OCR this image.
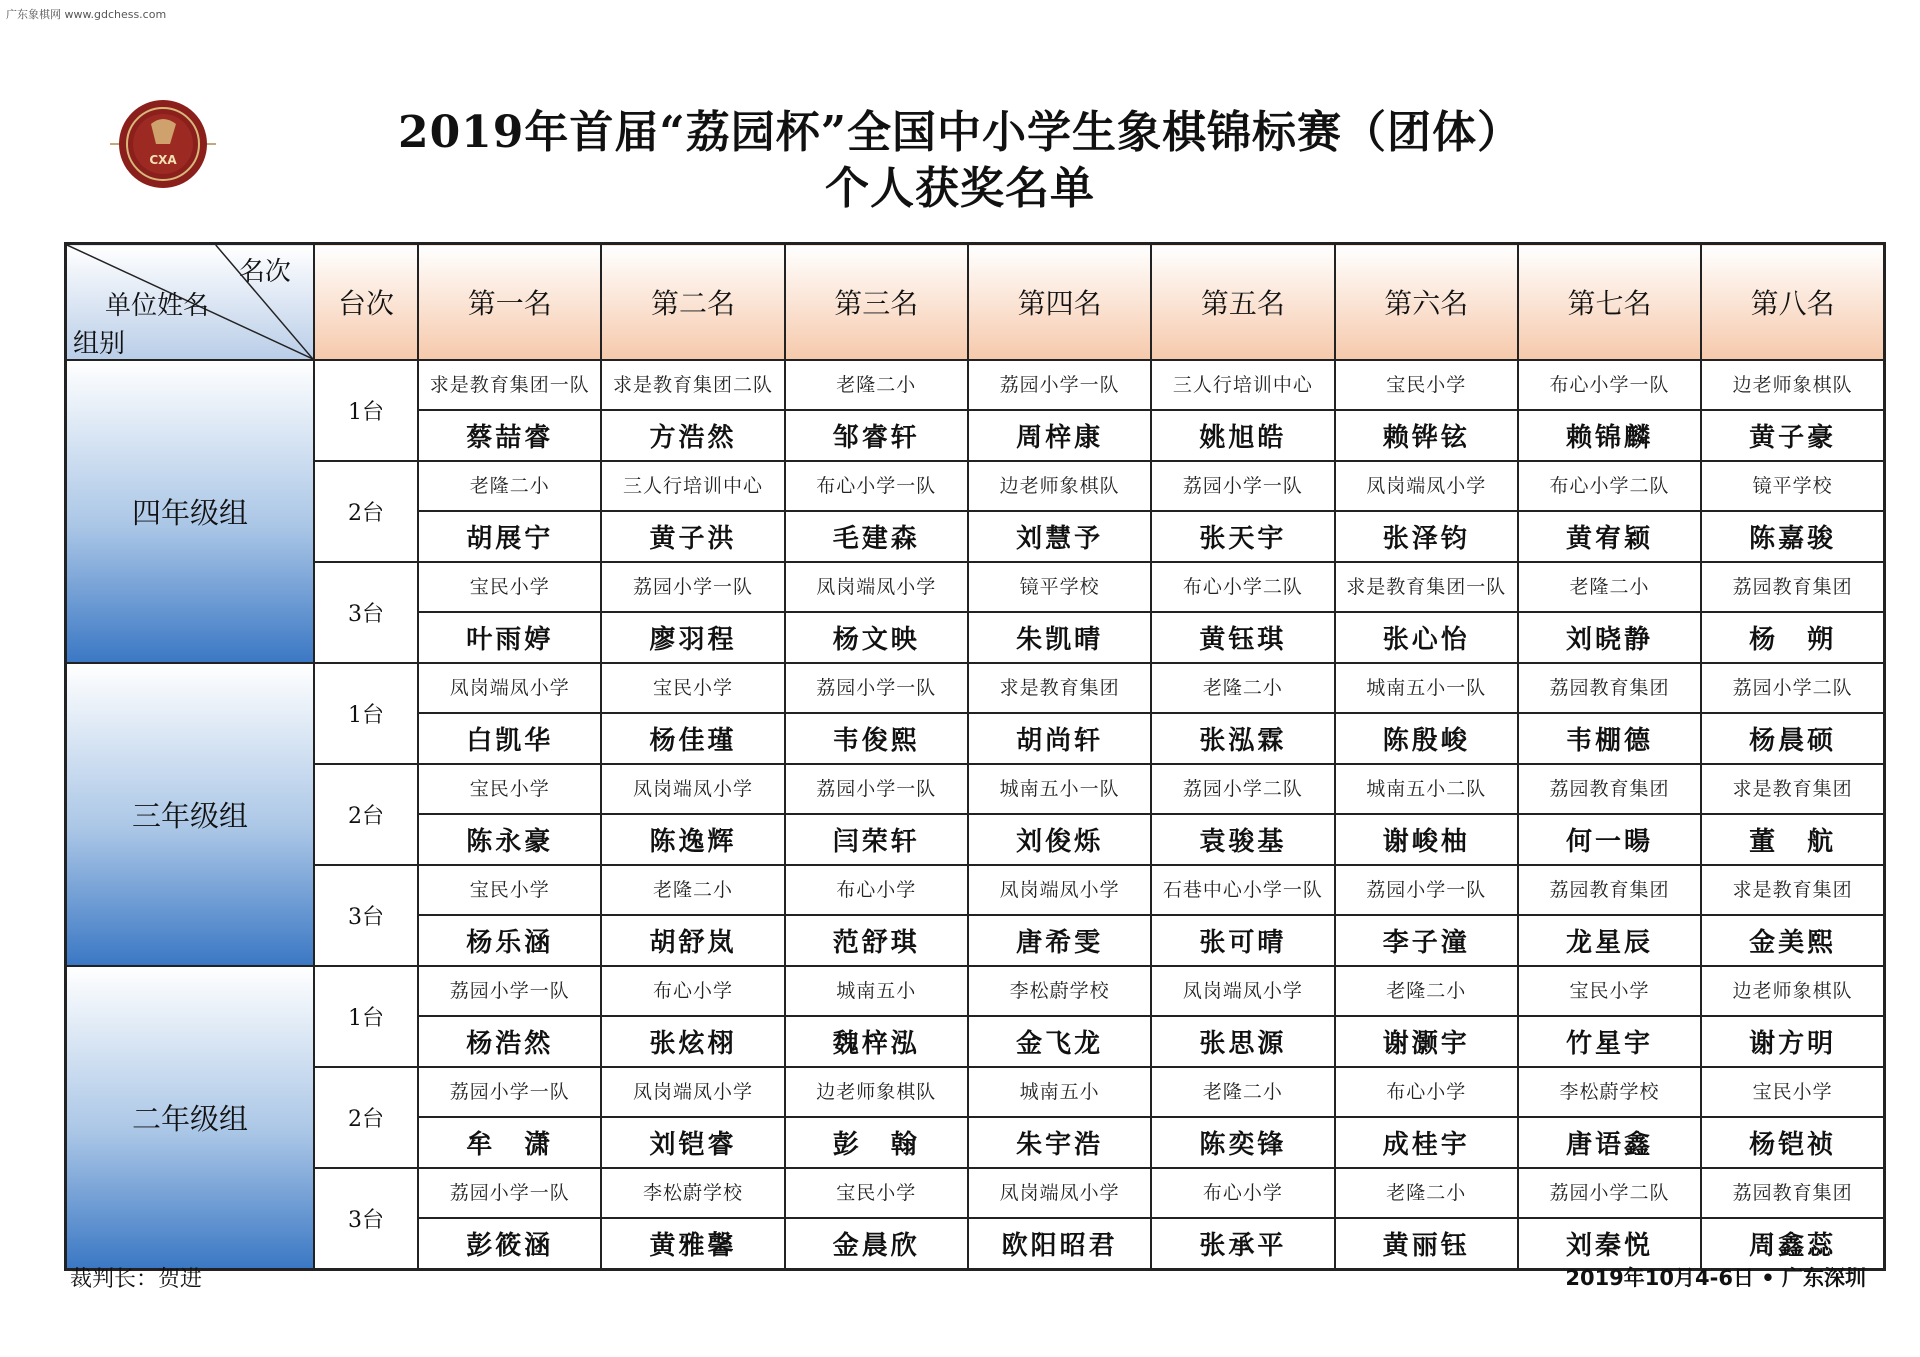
广东象棋网 www.gdchess.com
CXA
2019年首届“荔园杯”全国中小学生象棋锦标赛（团体）
个人获奖名单
名次
单位姓名
组别	台次	第一名	第二名	第三名	第四名	第五名	第六名	第七名	第八名
四年级组	1台	求是教育集团一队	求是教育集团二队	老隆二小	荔园小学一队	三人行培训中心	宝民小学	布心小学一队	边老师象棋队
		蔡喆睿	方浩然	邹睿轩	周梓康	姚旭皓	赖铧铉	赖锦麟	黄子豪
	2台	老隆二小	三人行培训中心	布心小学一队	边老师象棋队	荔园小学一队	凤岗端凤小学	布心小学二队	镜平学校
		胡展宁	黄子洪	毛建森	刘慧予	张天宇	张泽钧	黄宥颖	陈嘉骏
	3台	宝民小学	荔园小学一队	凤岗端凤小学	镜平学校	布心小学二队	求是教育集团一队	老隆二小	荔园教育集团
		叶雨婷	廖羽程	杨文映	朱凯晴	黄钰琪	张心怡	刘晓静	杨　朔
三年级组	1台	凤岗端凤小学	宝民小学	荔园小学一队	求是教育集团	老隆二小	城南五小一队	荔园教育集团	荔园小学二队
		白凯华	杨佳瑾	韦俊熙	胡尚轩	张泓霖	陈殷峻	韦棚德	杨晨硕
	2台	宝民小学	凤岗端凤小学	荔园小学一队	城南五小一队	荔园小学二队	城南五小二队	荔园教育集团	求是教育集团
		陈永豪	陈逸辉	闫荣轩	刘俊烁	袁骏基	谢峻柚	何一暘	董　航
	3台	宝民小学	老隆二小	布心小学	凤岗端凤小学	石巷中心小学一队	荔园小学一队	荔园教育集团	求是教育集团
		杨乐涵	胡舒岚	范舒琪	唐希雯	张可晴	李子潼	龙星辰	金美熙
二年级组	1台	荔园小学一队	布心小学	城南五小	李松蔚学校	凤岗端凤小学	老隆二小	宝民小学	边老师象棋队
		杨浩然	张炫栩	魏梓泓	金飞龙	张思源	谢灏宇	竹星宇	谢方明
	2台	荔园小学一队	凤岗端凤小学	边老师象棋队	城南五小	老隆二小	布心小学	李松蔚学校	宝民小学
		牟　潇	刘铠睿	彭　翰	朱宇浩	陈奕锋	成桂宇	唐语鑫	杨铠祯
	3台	荔园小学一队	李松蔚学校	宝民小学	凤岗端凤小学	布心小学	老隆二小	荔园小学二队	荔园教育集团
		彭筱涵	黄雅馨	金晨欣	欧阳昭君	张承平	黄丽钰	刘秦悦	周鑫蕊
裁判长：贺进	2019年10月4-6日 • 广东深圳
